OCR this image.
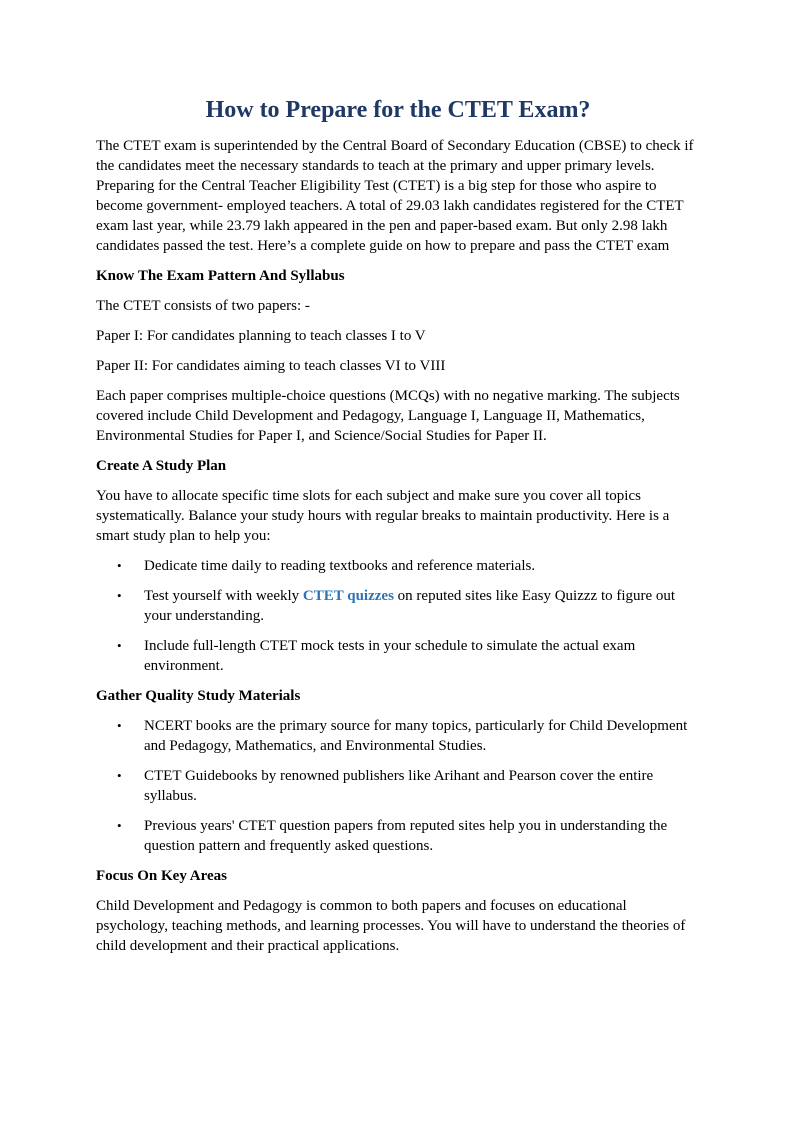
How to Prepare for the CTET Exam?

The CTET exam is superintended by the Central Board of Secondary Education (CBSE) to check if the candidates meet the necessary standards to teach at the primary and upper primary levels. Preparing for the Central Teacher Eligibility Test (CTET) is a big step for those who aspire to become government- employed teachers. A total of 29.03 lakh candidates registered for the CTET exam last year, while 23.79 lakh appeared in the pen and paper-based exam. But only 2.98 lakh candidates passed the test. Here’s a complete guide on how to prepare and pass the CTET exam

Know The Exam Pattern And Syllabus

The CTET consists of two papers: -

Paper I: For candidates planning to teach classes I to V

Paper II: For candidates aiming to teach classes VI to VIII

Each paper comprises multiple-choice questions (MCQs) with no negative marking. The subjects covered include Child Development and Pedagogy, Language I, Language II, Mathematics, Environmental Studies for Paper I, and Science/Social Studies for Paper II.

Create A Study Plan

You have to allocate specific time slots for each subject and make sure you cover all topics systematically. Balance your study hours with regular breaks to maintain productivity. Here is a smart study plan to help you:

• Dedicate time daily to reading textbooks and reference materials.
• Test yourself with weekly CTET quizzes on reputed sites like Easy Quizzz to figure out your understanding.
• Include full-length CTET mock tests in your schedule to simulate the actual exam environment.
Gather Quality Study Materials
• NCERT books are the primary source for many topics, particularly for Child Development and Pedagogy, Mathematics, and Environmental Studies.
• CTET Guidebooks by renowned publishers like Arihant and Pearson cover the entire syllabus.
• Previous years' CTET question papers from reputed sites help you in understanding the question pattern and frequently asked questions.
Focus On Key Areas

Child Development and Pedagogy is common to both papers and focuses on educational psychology, teaching methods, and learning processes. You will have to understand the theories of child development and their practical applications.
